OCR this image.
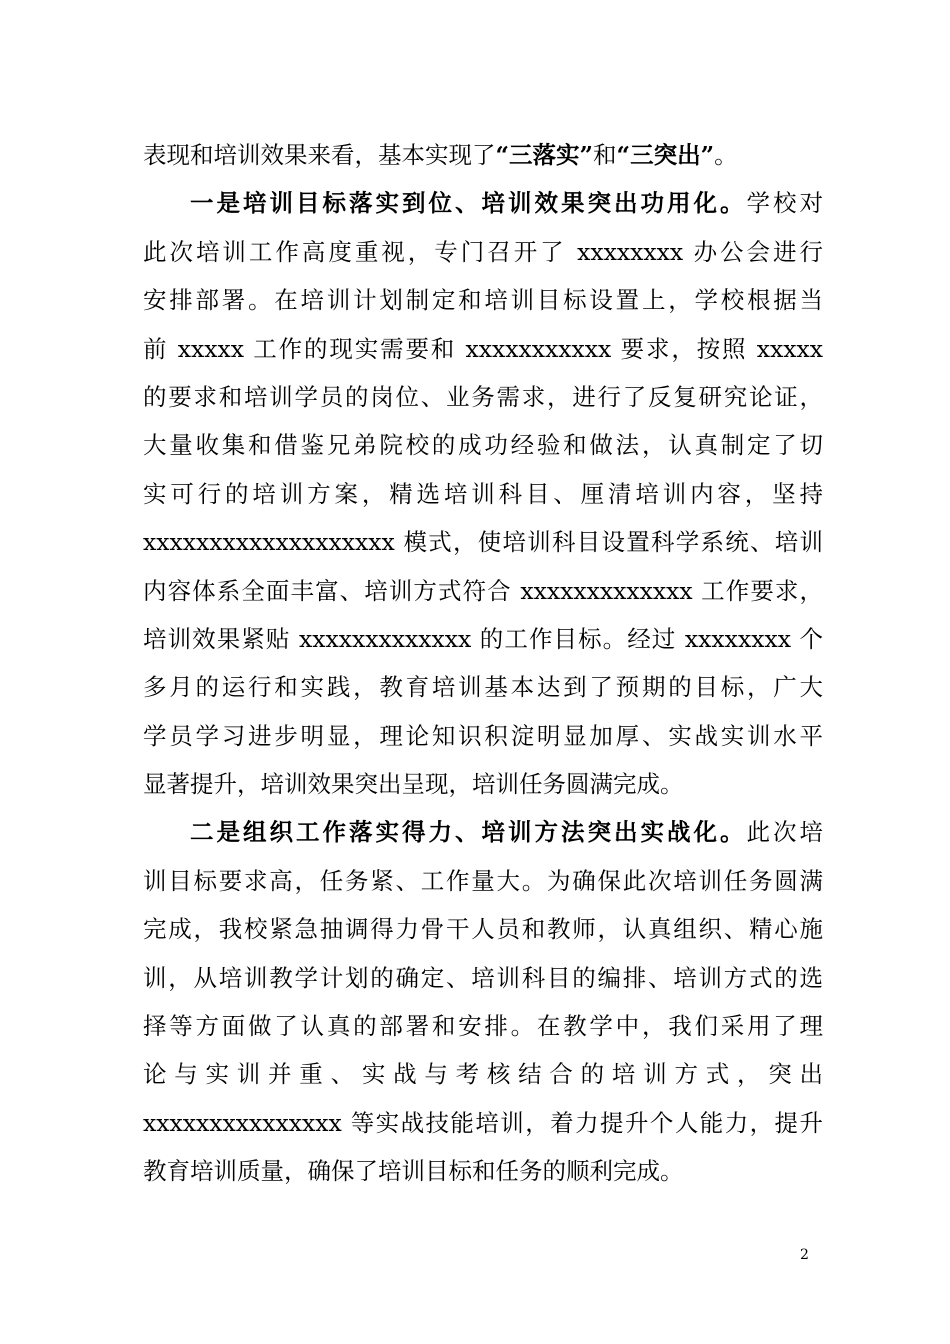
表现和培训效果来看，基本实现了“三落实”和“三突出”。
一是培训目标落实到位、培训效果突出功用化。学校对
此次培训工作高度重视，专门召开了 xxxxxxxx 办公会进行
安排部署。在培训计划制定和培训目标设置上，学校根据当
前 xxxxx 工作的现实需要和 xxxxxxxxxxx 要求，按照 xxxxx
的要求和培训学员的岗位、业务需求，进行了反复研究论证，
大量收集和借鉴兄弟院校的成功经验和做法，认真制定了切
实可行的培训方案，精选培训科目、厘清培训内容，坚持
xxxxxxxxxxxxxxxxxxx 模式，使培训科目设置科学系统、培训
内容体系全面丰富、培训方式符合 xxxxxxxxxxxxx 工作要求，
培训效果紧贴 xxxxxxxxxxxxx 的工作目标。经过 xxxxxxxx 个
多月的运行和实践，教育培训基本达到了预期的目标，广大
学员学习进步明显，理论知识积淀明显加厚、实战实训水平
显著提升，培训效果突出呈现，培训任务圆满完成。
二是组织工作落实得力、培训方法突出实战化。此次培
训目标要求高，任务紧、工作量大。为确保此次培训任务圆满
完成，我校紧急抽调得力骨干人员和教师，认真组织、精心施
训，从培训教学计划的确定、培训科目的编排、培训方式的选
择等方面做了认真的部署和安排。在教学中，我们采用了理
论与实训并重、实战与考核结合的培训方式，突出
xxxxxxxxxxxxxxx 等实战技能培训，着力提升个人能力，提升
教育培训质量，确保了培训目标和任务的顺利完成。
2
